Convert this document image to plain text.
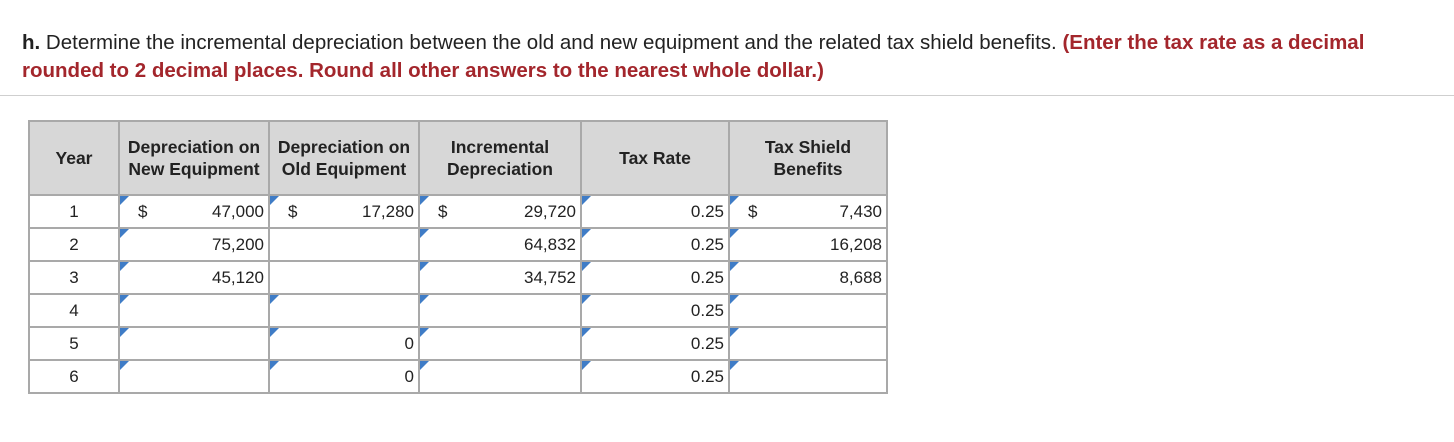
h. Determine the incremental depreciation between the old and new equipment and the related tax shield benefits. (Enter the tax rate as a decimal rounded to 2 decimal places. Round all other answers to the nearest whole dollar.)
Year	Depreciation on New Equipment	Depreciation on Old Equipment	Incremental Depreciation	Tax Rate	Tax Shield Benefits
1	$ 47,000	$ 17,280	$ 29,720	0.25	$ 7,430

2	75,200		64,832	0.25	16,208

3	45,120		34,752	0.25	8,688

4				0.25	

5		0		0.25	

6		0		0.25	
